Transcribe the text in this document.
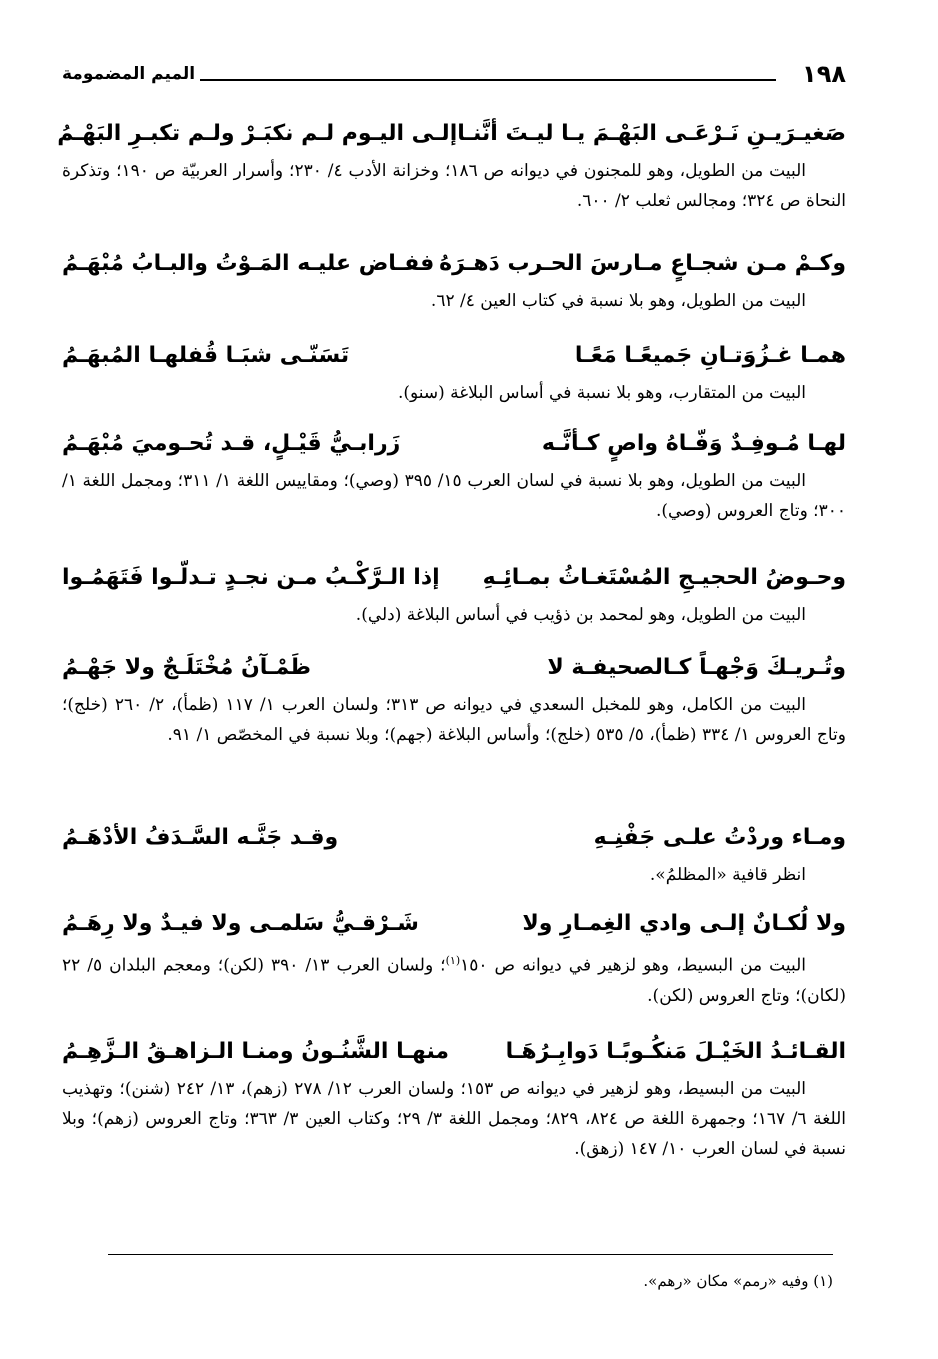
١٩٨
الميم المضمومة
صَغيـرَيـنِ نَـرْعَـى البَهْـمَ يـا ليـتَ أنَّنـا
إلـى اليـوم لـم نكبَـرْ ولـم تكبـرِ البَهْـمُ
البيت من الطويل، وهو للمجنون في ديوانه ص ١٨٦؛ وخزانة الأدب ٤/ ٢٣٠؛ وأسرار العربيّة ص ١٩٠؛ وتذكرة النحاة ص ٣٢٤؛ ومجالس ثعلب ٢/ ٦٠٠.
وكـمْ مـن شجـاعٍ مـارسَ الحـرب دَهـرَهُ
ففـاض عليـه المَـوْتُ والبـابُ مُبْهَـمُ
البيت من الطويل، وهو بلا نسبة في كتاب العين ٤/ ٦٢.
همـا غـزُوَتـانِ جَميعًـا مَعًـا
تَسَنّـى شبَـا قُفلهـا المُبهَـمُ
البيت من المتقارب، وهو بلا نسبة في أساس البلاغة (سنو).
لهـا مُـوفِـدٌ وَفّـاهُ واصٍ كـأنَّـه
زَرابـيُّ قَيْـلٍ، قـد تُحـوميَ مُبْهَـمُ
البيت من الطويل، وهو بلا نسبة في لسان العرب ١٥/ ٣٩٥ (وصي)؛ ومقاييس اللغة ١/ ٣١١؛ ومجمل اللغة ١/ ٣٠٠؛ وتاج العروس (وصي).
وحـوضُ الحجيـجِ المُسْتَغـاثُ بمـائِـهِ
إذا الـرَّكْـبُ مـن نجـدٍ تـدلّـوا فَتَهَمُـوا
البيت من الطويل، وهو لمحمد بن ذؤيب في أساس البلاغة (دلي).
وتُـريـكَ وَجْهـاً كـالصحيفـة لا
ظَمْـآنُ مُخْتَلَـجٌ ولا جَهْـمُ
البيت من الكامل، وهو للمخبل السعدي في ديوانه ص ٣١٣؛ ولسان العرب ١/ ١١٧ (ظمأ)، ٢/ ٢٦٠ (خلج)؛ وتاج العروس ١/ ٣٣٤ (ظمأ)، ٥/ ٥٣٥ (خلج)؛ وأساس البلاغة (جهم)؛ وبلا نسبة في المخصّص ١/ ٩١.
ومـاء وردْتُ علـى جَفْنِـهِ
وقـد جَنَّـه السَّـدَفُ الأدْهَـمُ
انظر قافية «المظلمُ».
ولا لُكـانٌ إلـى وادي الغِمـارِ ولا
شَـرْقـيُّ سَلمـى ولا فيـدٌ ولا رِهَـمُ
البيت من البسيط، وهو لزهير في ديوانه ص ١٥٠$^{(١)}$؛ ولسان العرب ١٣/ ٣٩٠ (لكن)؛ ومعجم البلدان ٥/ ٢٢ (لكان)؛ وتاج العروس (لكن).
القـائـدُ الخَيْـلَ مَنكُـوبًـا دَوابِـرُهَـا
منهـا الشَّنُـونُ ومنـا الـزاهـقُ الـزَّهِـمُ
البيت من البسيط، وهو لزهير في ديوانه ص ١٥٣؛ ولسان العرب ١٢/ ٢٧٨ (زهم)، ١٣/ ٢٤٢ (شنن)؛ وتهذيب اللغة ٦/ ١٦٧؛ وجمهرة اللغة ص ٨٢٤، ٨٢٩؛ ومجمل اللغة ٣/ ٢٩؛ وكتاب العين ٣/ ٣٦٣؛ وتاج العروس (زهم)؛ وبلا نسبة في لسان العرب ١٠/ ١٤٧ (زهق).
(١) وفيه «رمم» مكان «رهم».
